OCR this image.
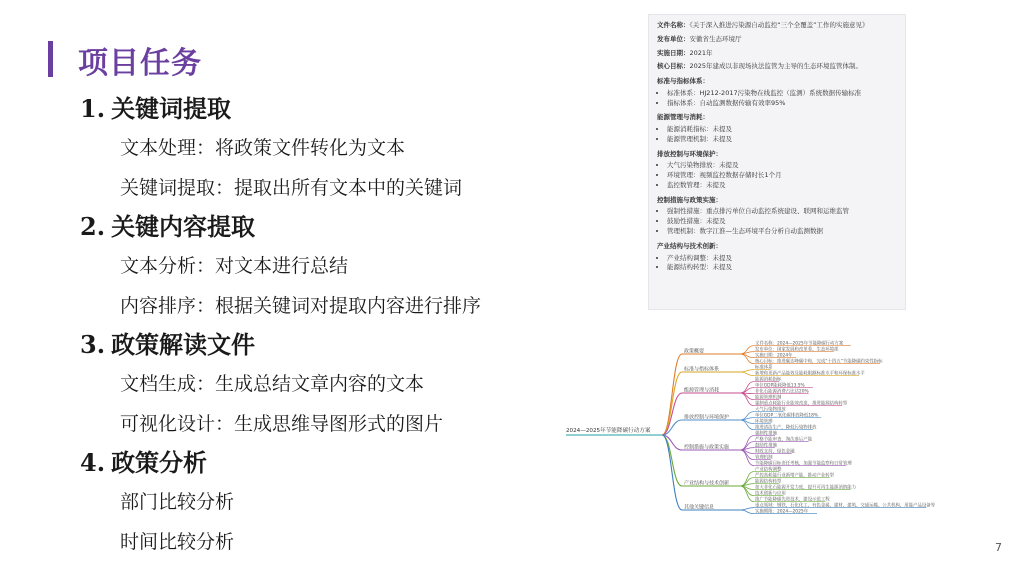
项目任务
1. 关键词提取
文本处理：将政策文件转化为文本
关键词提取：提取出所有文本中的关键词
2. 关键内容提取
文本分析：对文本进行总结
内容排序：根据关键词对提取内容进行排序
3. 政策解读文件
文档生成：生成总结文章内容的文本
可视化设计：生成思维导图形式的图片
4. 政策分析
部门比较分析
时间比较分析
文件名称：《关于深入推进污染源自动监控“三个全覆盖”工作的实施意见》
发布单位：安徽省生态环境厅
实施日期：2021年
核心目标：2025年建成以非现场执法监管为主导的生态环境监管体制。
标准与指标体系：
• 标准体系：HJ212-2017污染物在线监控（监测）系统数据传输标准
• 指标体系：自动监测数据传输有效率95%
能源管理与消耗：
• 能源消耗指标：未提及
• 能源管理机制：未提及
排放控制与环境保护：
• 大气污染物排放：未提及
• 环境管理：视频监控数据存储时长1个月
• 监控数管理：未提及
控制措施与政策实施：
• 强制性措施：重点排污单位自动监控系统建设、联网和运维监管
• 鼓励性措施：未提及
• 管理机制：数字江淮—生态环境平台分析自动监测数据
产业结构与技术创新：
• 产业结构调整：未提及
• 能源结构转型：未提及
2024—2025年节能降碳行动方案
政策概要
文件名称：2024—2025年节能降碳行动方案
发布单位：国家发展和改革委、生态环境部
实施日期：2024年
核心目标：推进碳达峰碳中和，完成“十四五”节能降碳约束性指标
标准与指标体系	标准体系
新增和更新产品能效及能耗限额标准水平和环保标准水平
能源管理与消耗
能源消耗指标
单位GDP能耗降低13.5%
非化石能源消费占比达20%
能源管理机制
强制重点耗能行业能效改造，推进能源结构转型
排放控制与环境保护
大气污染物排放
单位GDP二氧化碳排放降低18%
环境管理
推进清洁生产，降低污染物排放
控制措施与政策实施
强制性措施
严格节能审查，淘汰落后产能
鼓励性措施
财政支持，绿色金融
管理机制
节能降碳目标责任考核，加强节能监察和日常管理
产业结构与技术创新
产业结构调整
严控高耗能行业新增产能，推动产业转型
能源结构转型
加大非化石能源开发力度，提升可再生能源消纳能力
技术创新与应用
推广节能降碳先进技术，建设示范工程
其他关键信息	重点领域：钢铁、石化化工、有色金属、建材、建筑、交通运输、公共机构、用能产品设备等
实施期限：2024—2025年
7
